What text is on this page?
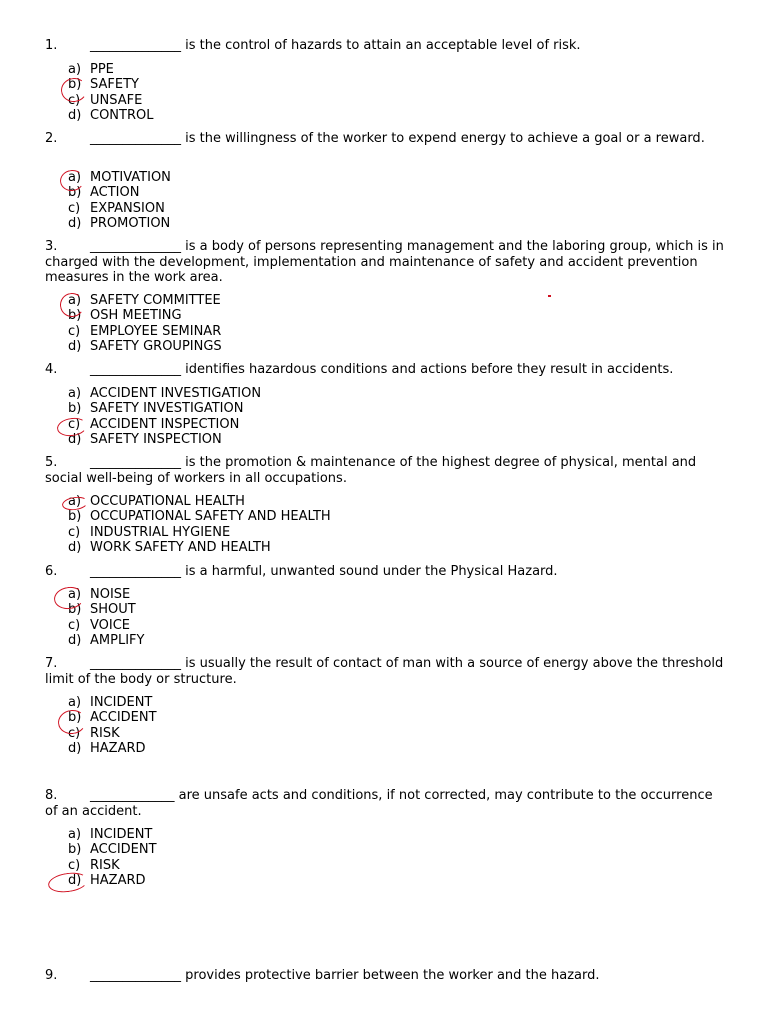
1.	______________ is the control of hazards to attain an acceptable level of risk.
a) PPE
b) SAFETY
c) UNSAFE
d) CONTROL
2.	______________ is the willingness of the worker to expend energy to achieve a goal or a reward.
a) MOTIVATION
b) ACTION
c) EXPANSION
d) PROMOTION
3.	______________ is a body of persons representing management and the laboring group, which is in charged with the development, implementation and maintenance of safety and accident prevention measures in the work area.
a) SAFETY COMMITTEE
b) OSH MEETING
c) EMPLOYEE SEMINAR
d) SAFETY GROUPINGS
4.	______________ identifies hazardous conditions and actions before they result in accidents.
a) ACCIDENT INVESTIGATION
b) SAFETY INVESTIGATION
c) ACCIDENT INSPECTION
d) SAFETY INSPECTION
5.	______________ is the promotion & maintenance of the highest degree of physical, mental and social well-being of workers in all occupations.
a) OCCUPATIONAL HEALTH
b) OCCUPATIONAL SAFETY AND HEALTH
c) INDUSTRIAL HYGIENE
d) WORK SAFETY AND HEALTH
6.	______________ is a harmful, unwanted sound under the Physical Hazard.
a) NOISE
b) SHOUT
c) VOICE
d) AMPLIFY
7.	______________ is usually the result of contact of man with a source of energy above the threshold limit of the body or structure.
a) INCIDENT
b) ACCIDENT
c) RISK
d) HAZARD
8.	_____________ are unsafe acts and conditions, if not corrected, may contribute to the occurrence of an accident.
a) INCIDENT
b) ACCIDENT
c) RISK
d) HAZARD
9.	______________ provides protective barrier between the worker and the hazard.
